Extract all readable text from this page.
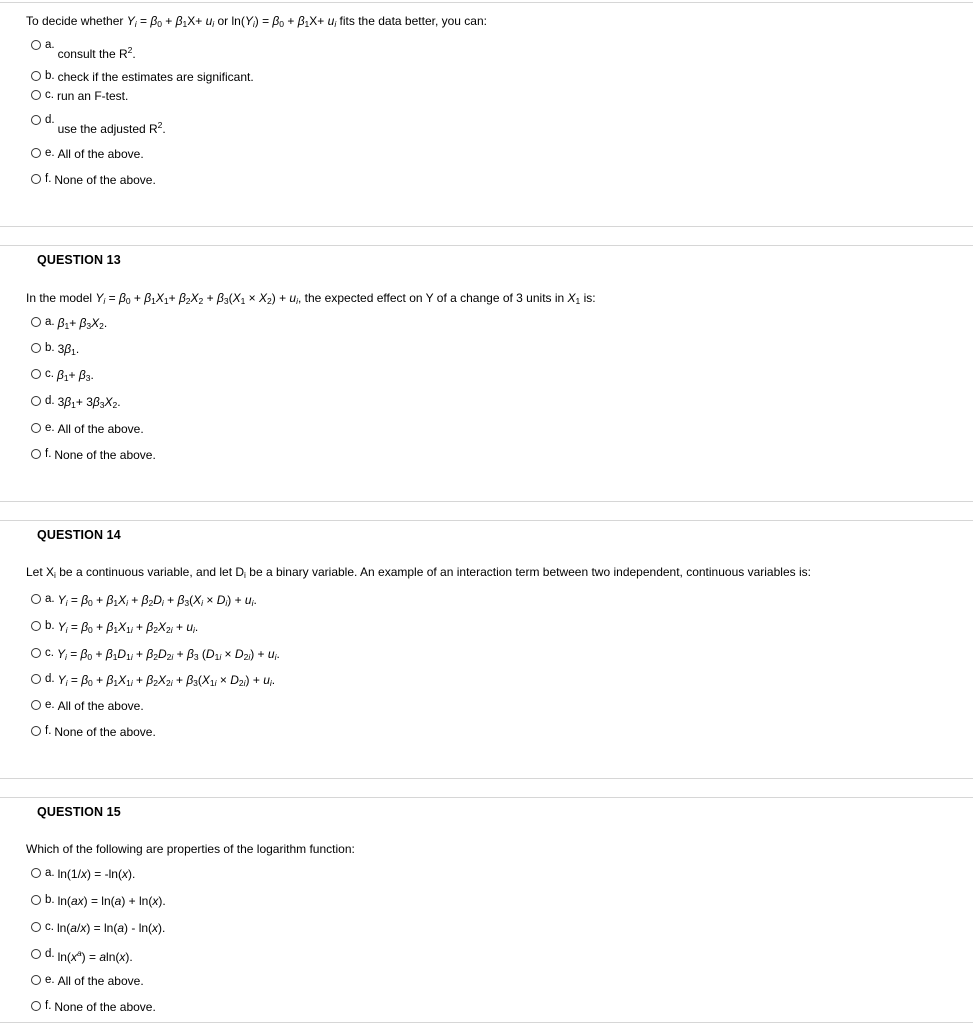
To decide whether $Y_i = \beta_0 + \beta_1X+ u_i$ or $\ln(Y_i) = \beta_0 + \beta_1X+ u_i$ fits the data better, you can:
a.
consult the $R^2$.
b. check if the estimates are significant.
c. run an F-test.
d.
use the adjusted $R^2$.
e. All of the above.
f. None of the above.
QUESTION 13
In the model $Y_i = \beta_0 + \beta_1X_1+ \beta_2X_2 + \beta_3(X_1 \times X_2) + u_i$, the expected effect on Y of a change of 3 units in $X_1$ is:
a. $\beta_1+ \beta_3X_2$.
b. $3\beta_1$.
c. $\beta_1+ \beta_3$.
d. $3\beta_1+ 3\beta_3X_2$.
e. All of the above.
f. None of the above.
QUESTION 14
Let $X_i$ be a continuous variable, and let $D_i$ be a binary variable. An example of an interaction term between two independent, continuous variables is:
a. $Y_i = \beta_0 + \beta_1X_i + \beta_2D_i + \beta_3(X_i \times D_i) + u_i$.
b. $Y_i = \beta_0 + \beta_1X_{1i} + \beta_2X_{2i} + u_i$.
c. $Y_i = \beta_0 + \beta_1D_{1i} + \beta_2D_{2i} + \beta_3$ $(D_{1i} \times D_{2i}) + u_i$.
d. $Y_i = \beta_0 + \beta_1X_{1i} + \beta_2X_{2i} + \beta_3(X_{1i} \times D_{2i}) + u_i$.
e. All of the above.
f. None of the above.
QUESTION 15
Which of the following are properties of the logarithm function:
a. ln(1/x) = -ln(x).
b. ln(ax) = ln(a) + ln(x).
c. ln(a/x) = ln(a) - ln(x).
d. $\ln(x^a) = aln(x)$.
e. All of the above.
f. None of the above.
